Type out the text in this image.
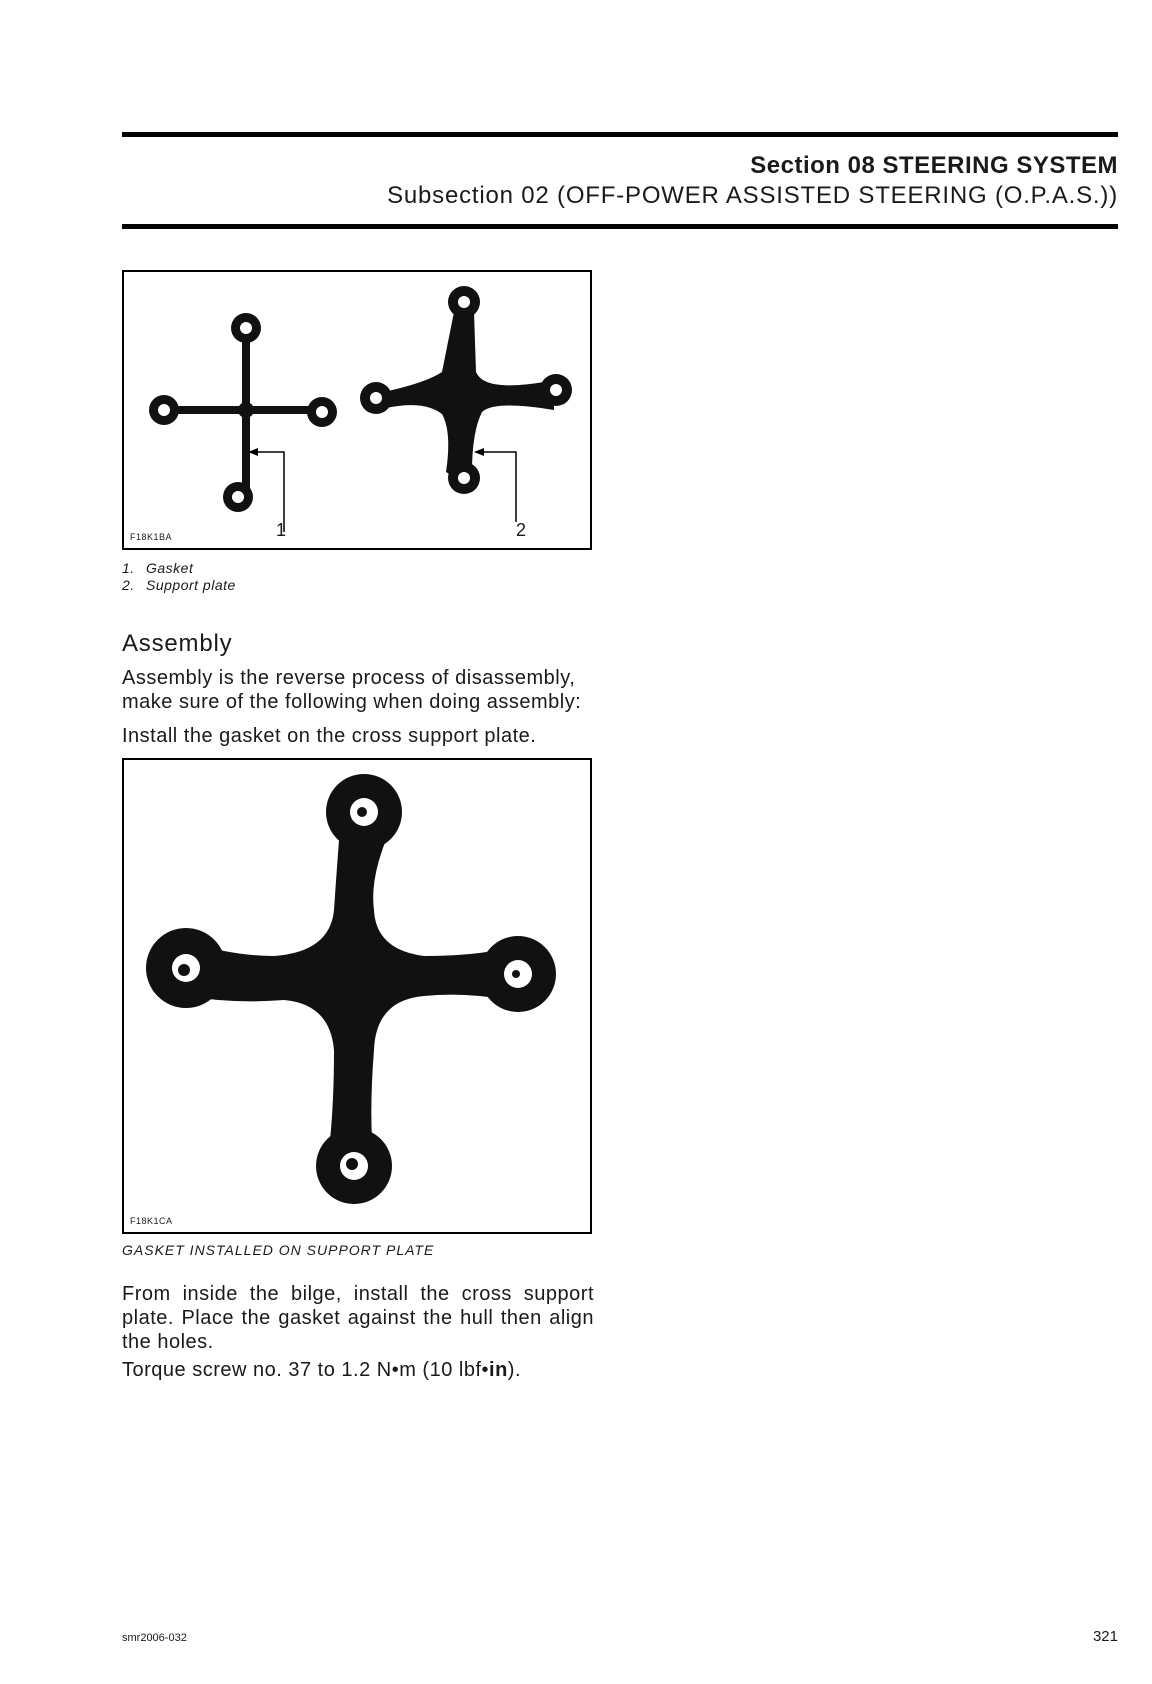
Section 08 STEERING SYSTEM
Subsection 02 (OFF-POWER ASSISTED STEERING (O.P.A.S.))
F18K1BA	1	2
1. Gasket
2. Support plate
Assembly
Assembly is the reverse process of disassembly, make sure of the following when doing assembly:
Install the gasket on the cross support plate.
F18K1CA
GASKET INSTALLED ON SUPPORT PLATE
From inside the bilge, install the cross support plate. Place the gasket against the hull then align the holes.
Torque screw no. 37 to 1.2 N•m (10 lbf•in).
smr2006-032	321
